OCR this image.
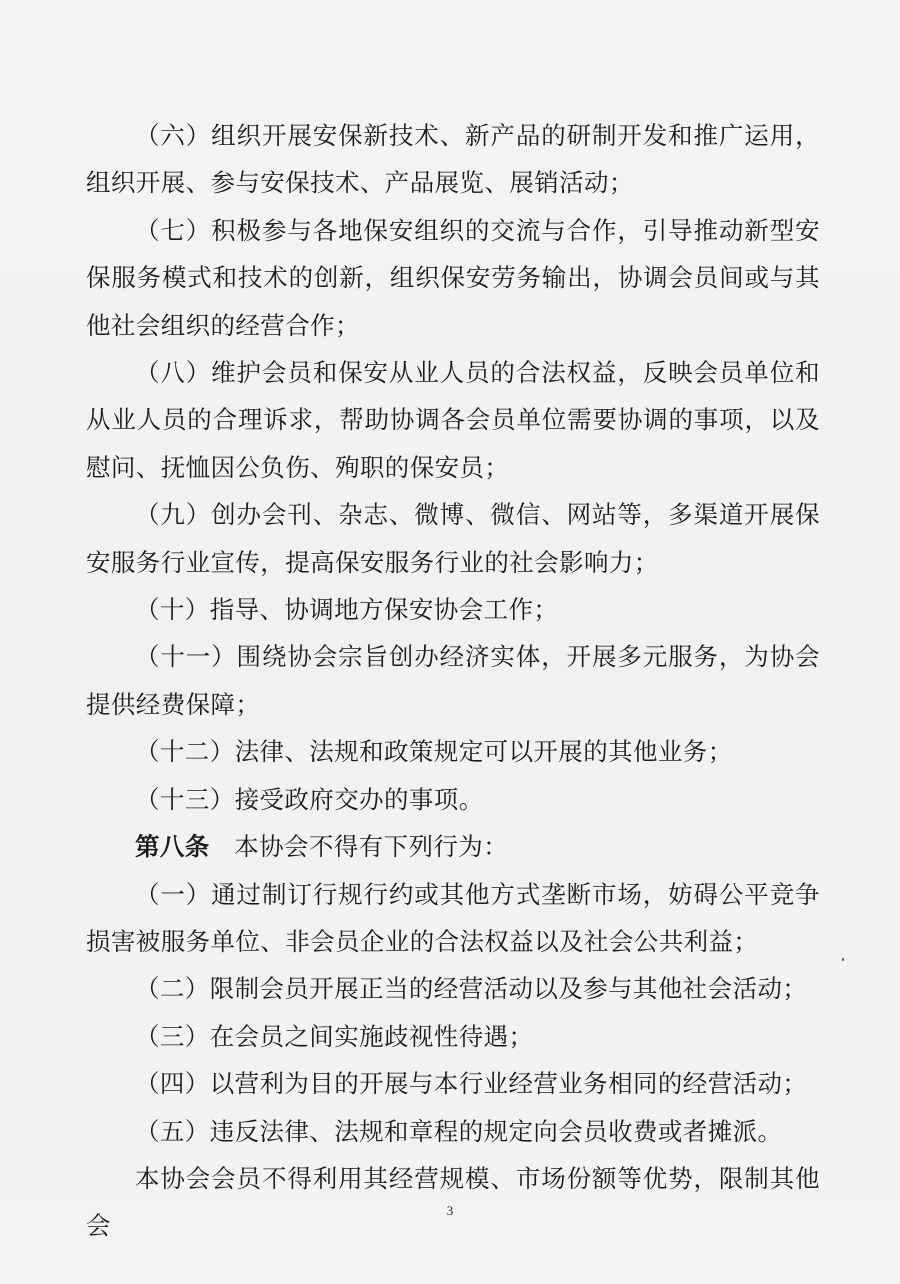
（六）组织开展安保新技术、新产品的研制开发和推广运用，组织开展、参与安保技术、产品展览、展销活动；

（七）积极参与各地保安组织的交流与合作，引导推动新型安保服务模式和技术的创新，组织保安劳务输出，协调会员间或与其他社会组织的经营合作；

（八）维护会员和保安从业人员的合法权益，反映会员单位和从业人员的合理诉求，帮助协调各会员单位需要协调的事项，以及慰问、抚恤因公负伤、殉职的保安员；

（九）创办会刊、杂志、微博、微信、网站等，多渠道开展保安服务行业宣传，提高保安服务行业的社会影响力；

（十）指导、协调地方保安协会工作；

（十一）围绕协会宗旨创办经济实体，开展多元服务，为协会提供经费保障；

（十二）法律、法规和政策规定可以开展的其他业务；

（十三）接受政府交办的事项。

第八条 本协会不得有下列行为：

（一）通过制订行规行约或其他方式垄断市场，妨碍公平竞争损害被服务单位、非会员企业的合法权益以及社会公共利益；

（二）限制会员开展正当的经营活动以及参与其他社会活动；

（三）在会员之间实施歧视性待遇；

（四）以营利为目的开展与本行业经营业务相同的经营活动；

（五）违反法律、法规和章程的规定向会员收费或者摊派。

本协会会员不得利用其经营规模、市场份额等优势，限制其他会

3
